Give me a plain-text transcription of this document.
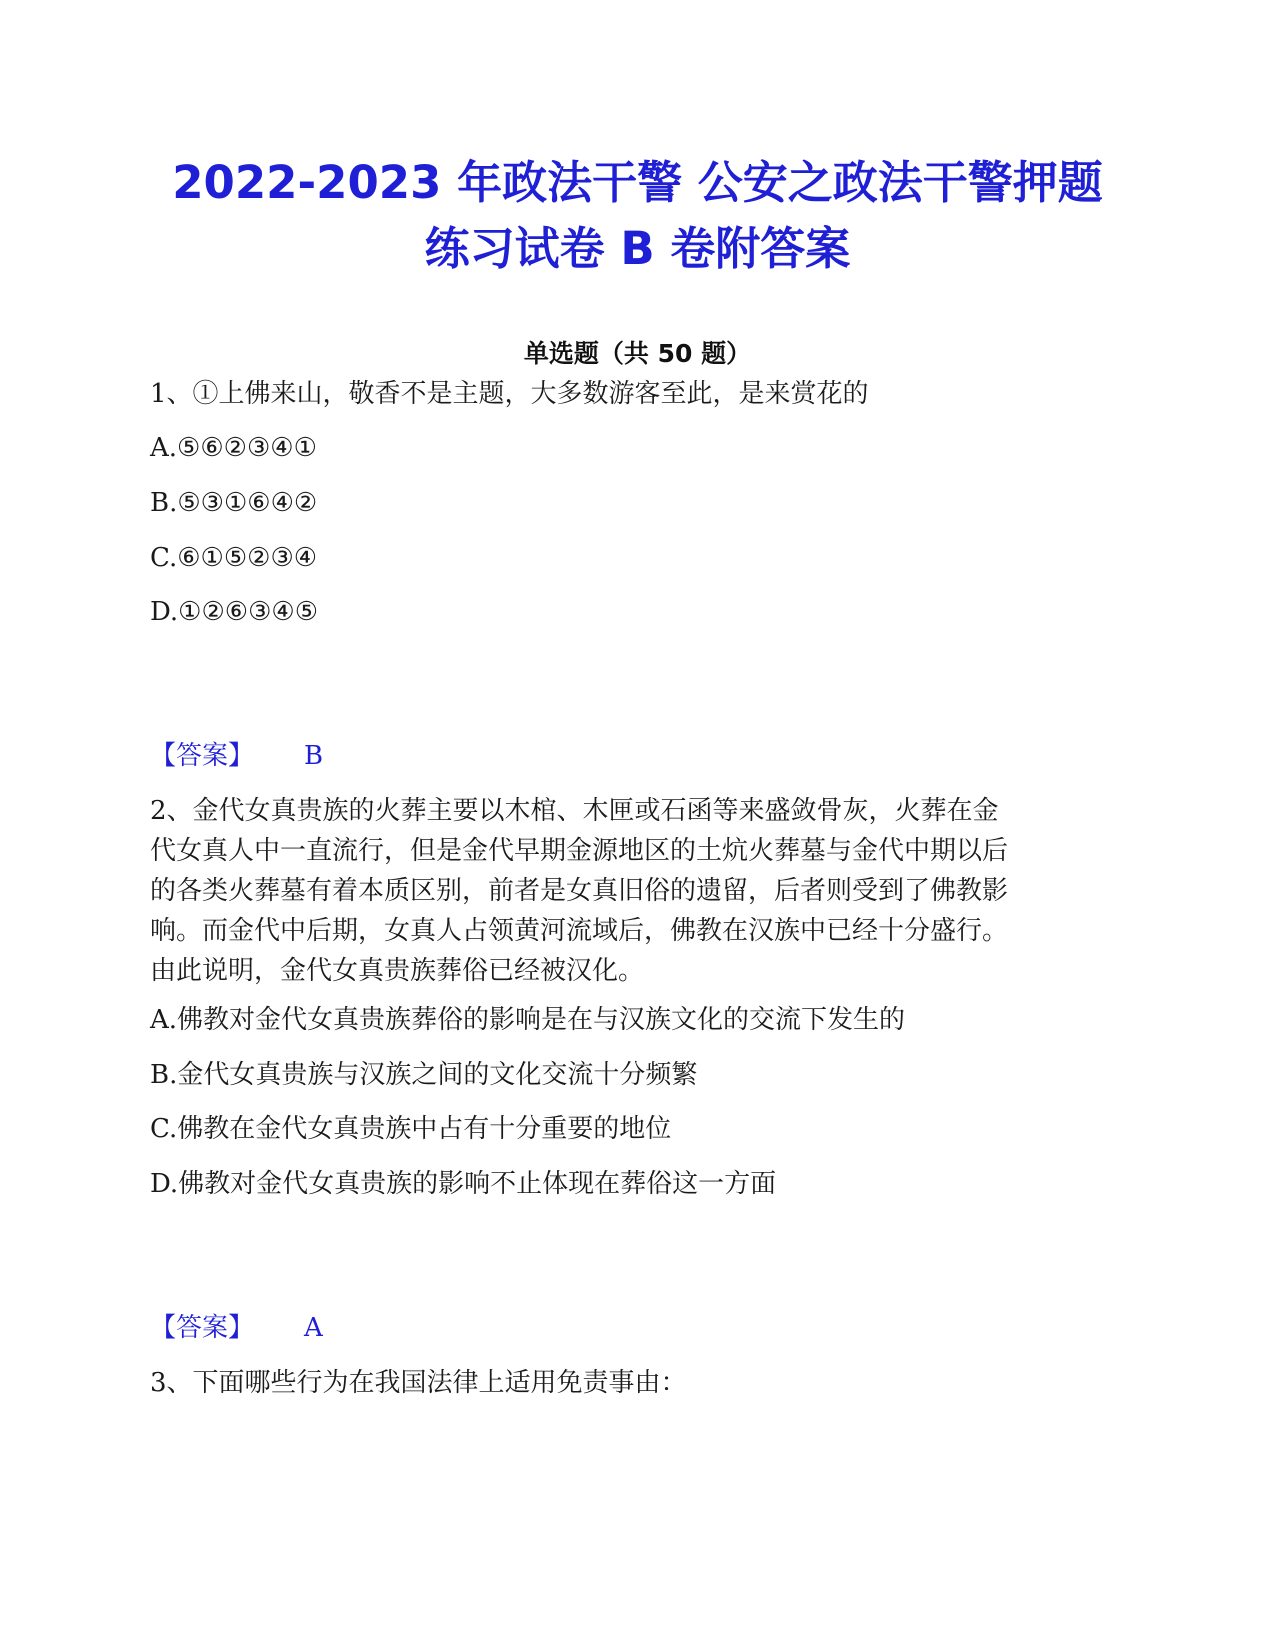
2022-2023 年政法干警 公安之政法干警押题
练习试卷 B 卷附答案
单选题（共 50 题）
1、①上佛来山，敬香不是主题，大多数游客至此，是来赏花的
A.⑤⑥②③④①
B.⑤③①⑥④②
C.⑥①⑤②③④
D.①②⑥③④⑤
【答案】 B
2、金代女真贵族的火葬主要以木棺、木匣或石函等来盛敛骨灰，火葬在金
代女真人中一直流行，但是金代早期金源地区的土炕火葬墓与金代中期以后
的各类火葬墓有着本质区别，前者是女真旧俗的遗留，后者则受到了佛教影
响。而金代中后期，女真人占领黄河流域后，佛教在汉族中已经十分盛行。
由此说明，金代女真贵族葬俗已经被汉化。
A.佛教对金代女真贵族葬俗的影响是在与汉族文化的交流下发生的
B.金代女真贵族与汉族之间的文化交流十分频繁
C.佛教在金代女真贵族中占有十分重要的地位
D.佛教对金代女真贵族的影响不止体现在葬俗这一方面
【答案】 A
3、下面哪些行为在我国法律上适用免责事由：
